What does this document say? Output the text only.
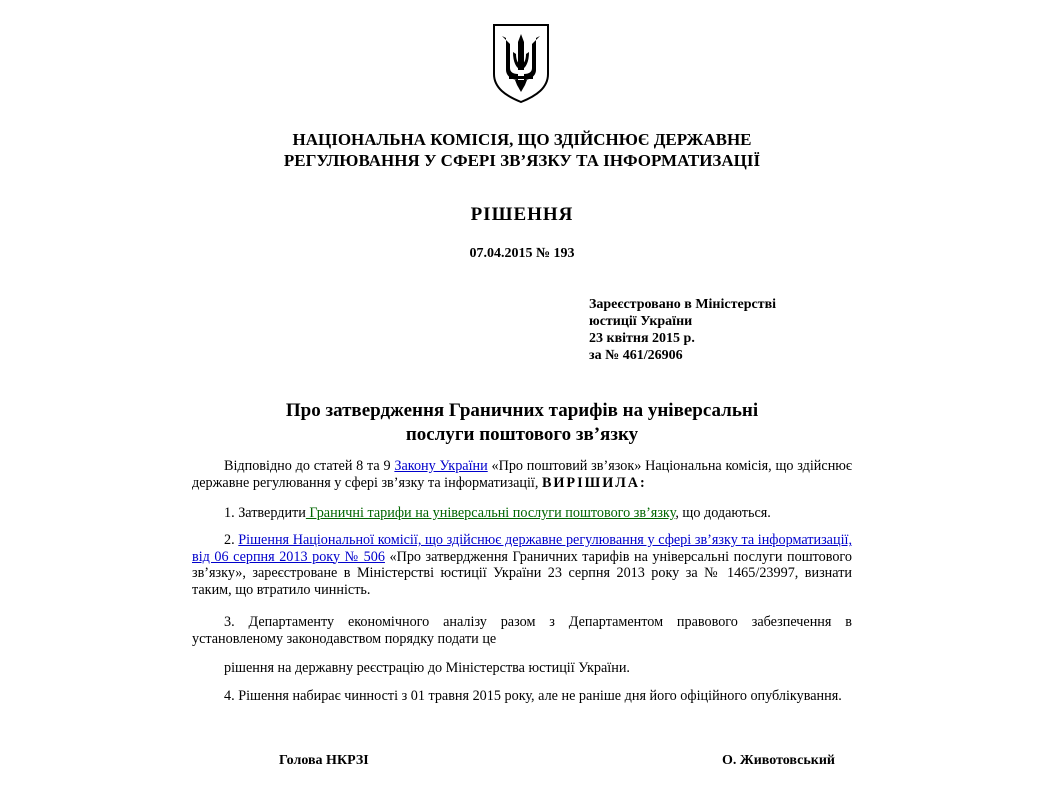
НАЦІОНАЛЬНА КОМІСІЯ, ЩО ЗДІЙСНЮЄ ДЕРЖАВНЕ
РЕГУЛЮВАННЯ У СФЕРІ ЗВ’ЯЗКУ ТА ІНФОРМАТИЗАЦІЇ
РІШЕННЯ
07.04.2015 № 193
Зареєстровано в Міністерстві
юстиції України
23 квітня 2015 р.
за № 461/26906
Про затвердження Граничних тарифів на універсальні
послуги поштового зв’язку
Відповідно до статей 8 та 9 Закону України «Про поштовий зв’язок» Національна комісія, що здійснює державне регулювання у сфері зв’язку та інформатизації, ВИРІШИЛА:
1. Затвердити Граничні тарифи на універсальні послуги поштового зв’язку, що додаються.
2. Рішення Національної комісії, що здійснює державне регулювання у сфері зв’язку та інформатизації, від 06 серпня 2013 року № 506 «Про затвердження Граничних тарифів на універсальні послуги поштового зв’язку», зареєстроване в Міністерстві юстиції України 23 серпня 2013 року за № 1465/23997, визнати таким, що втратило чинність.
3. Департаменту економічного аналізу разом з Департаментом правового забезпечення в установленому законодавством порядку подати це
рішення на державну реєстрацію до Міністерства юстиції України.
4. Рішення набирає чинності з 01 травня 2015 року, але не раніше дня його офіційного опублікування.
Голова НКРЗІ	О. Животовський
